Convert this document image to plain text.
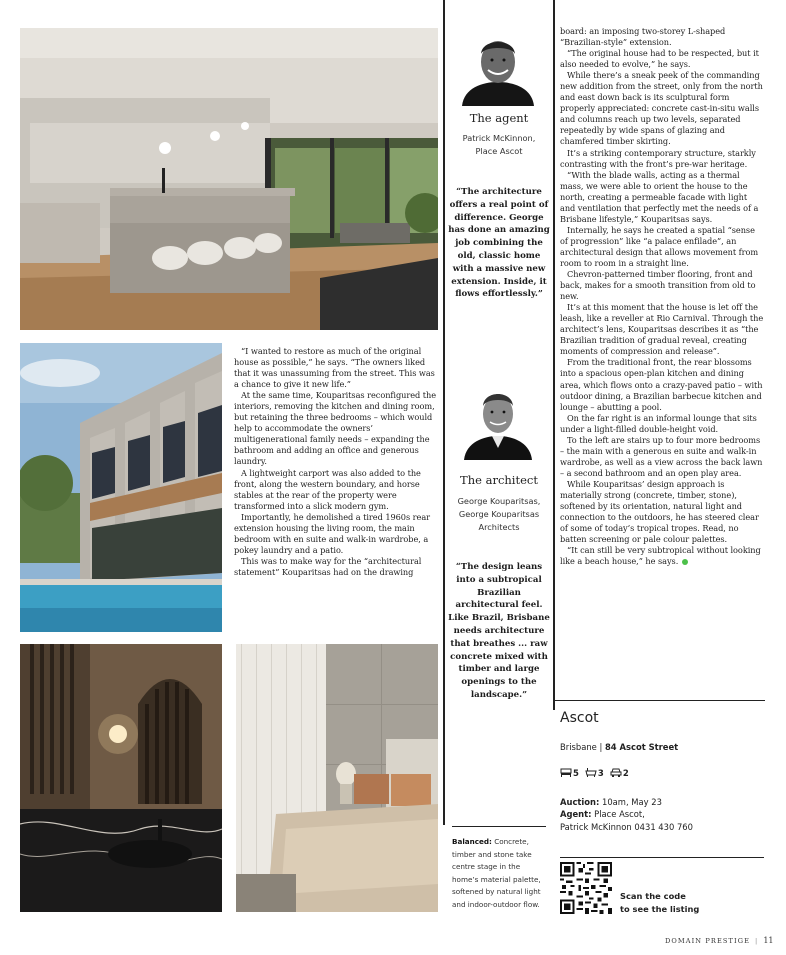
“I wanted to restore as much of the original house as possible,” he says. “The owners liked that it was unassuming from the street. This was a chance to give it new life.”

At the same time, Kouparitsas reconfigured the interiors, removing the kitchen and dining room, but retaining the three bedrooms – which would help to accommodate the owners’ multigenerational family needs – expanding the bathroom and adding an office and generous laundry.

A lightweight carport was also added to the front, along the western boundary, and horse stables at the rear of the property were transformed into a slick modern gym.

Importantly, he demolished a tired 1960s rear extension housing the living room, the main bedroom with en suite and walk-in wardrobe, a pokey laundry and a patio.

This was to make way for the “architectural statement” Kouparitsas had on the drawing

The agent
Patrick McKinnon,
Place Ascot
“The architecture offers a real point of difference. George has done an amazing job combining the old, classic home with a massive new extension. Inside, it flows effortlessly.”
The architect
George Kouparitsas,
George Kouparitsas Architects
“The design leans into a subtropical Brazilian architectural feel. Like Brazil, Brisbane needs architecture that breathes ... raw concrete mixed with timber and large openings to the landscape.”
Balanced: Concrete, timber and stone take centre stage in the home’s material palette, softened by natural light and indoor-outdoor flow.

board: an imposing two-storey L-shaped “Brazilian-style” extension.

“The original house had to be respected, but it also needed to evolve,” he says.

While there’s a sneak peek of the commanding new addition from the street, only from the north and east down back is its sculptural form properly appreciated: concrete cast-in-situ walls and columns reach up two levels, separated repeatedly by wide spans of glazing and chamfered timber skirting.

It’s a striking contemporary structure, starkly contrasting with the front’s pre-war heritage.

“With the blade walls, acting as a thermal mass, we were able to orient the house to the north, creating a permeable facade with light and ventilation that perfectly met the needs of a Brisbane lifestyle,” Kouparitsas says.

Internally, he says he created a spatial “sense of progression” like “a palace enfilade”, an architectural design that allows movement from room to room in a straight line.

Chevron-patterned timber flooring, front and back, makes for a smooth transition from old to new.

It’s at this moment that the house is let off the leash, like a reveller at Rio Carnival. Through the architect’s lens, Kouparitsas describes it as “the Brazilian tradition of gradual reveal, creating moments of compression and release”.

From the traditional front, the rear blossoms into a spacious open-plan kitchen and dining area, which flows onto a crazy-paved patio – with outdoor dining, a Brazilian barbecue kitchen and lounge – abutting a pool.

On the far right is an informal lounge that sits under a light-filled double-height void.

To the left are stairs up to four more bedrooms – the main with a generous en suite and walk-in wardrobe, as well as a view across the back lawn – a second bathroom and an open play area.

While Kouparitsas’ design approach is materially strong (concrete, timber, stone), softened by its orientation, natural light and connection to the outdoors, he has steered clear of some of today’s tropical tropes. Read, no batten screening or pale colour palettes.

“It can still be very subtropical without looking like a beach house,” he says.

Ascot
Brisbane | 84 Ascot Street
5 3 2
Auction: 10am, May 23
Agent: Place Ascot,
Patrick McKinnon 0431 430 760
Scan the code
to see the listing
DOMAIN PRESTIGE | 11
